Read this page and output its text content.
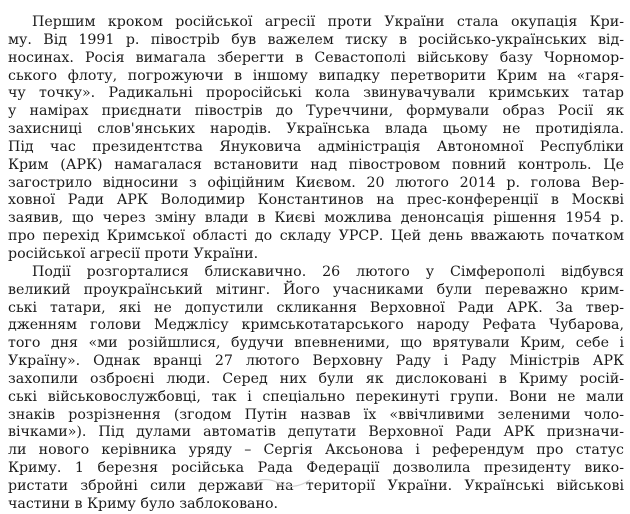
Першим кроком російської агресії проти України стала окупація Кри-
му. Від 1991 р. півостріb був важелем тиску в російсько-українських від-
носинах. Росія вимагала зберегти в Севастополі військову базу Чорномор-
ського флоту, погрожуючи в іншому випадку перетворити Крим на «гаря-
чу точку». Радикальні проросійські кола звинувачували кримських татар
у намірах приєднати півострів до Туреччини, формували образ Росії як
захисниці слов'янських народів. Українська влада цьому не протидіяла.
Під час президентства Януковича адміністрація Автономної Республіки
Крим (АРК) намагалася встановити над півостровом повний контроль. Це
загострило відносини з офіційним Києвом. 20 лютого 2014 р. голова Вер-
ховної Ради АРК Володимир Константинов на прес-конференції в Москві
заявив, що через зміну влади в Києві можлива денонсація рішення 1954 р.
про перехід Кримської області до складу УРСР. Цей день вважають початком
російської агресії проти України.
Події розгорталися блискавично. 26 лютого у Сімферополі відбувся
великий проукраїнський мітинг. Його учасниками були переважно крим-
ські татари, які не допустили скликання Верховної Ради АРК. За твер-
дженням голови Меджлісу кримськотатарського народу Рефата Чубарова,
того дня «ми розійшлися, будучи впевненими, що врятували Крим, себе і
Україну». Однак вранці 27 лютого Верховну Раду і Раду Міністрів АРК
захопили озброєні люди. Серед них були як дислоковані в Криму росій-
ські військовослужбовці, так і спеціально перекинуті групи. Вони не мали
знаків розрізнення (згодом Путін назвав їх «ввічливими зеленими чоло-
вічками»). Під дулами автоматів депутати Верховної Ради АРК призначи-
ли нового керівника уряду – Сергія Аксьонова і референдум про статус
Криму. 1 березня російська Рада Федерації дозволила президенту вико-
ристати збройні сили держави на території України. Українські військові
частини в Криму було заблоковано.
